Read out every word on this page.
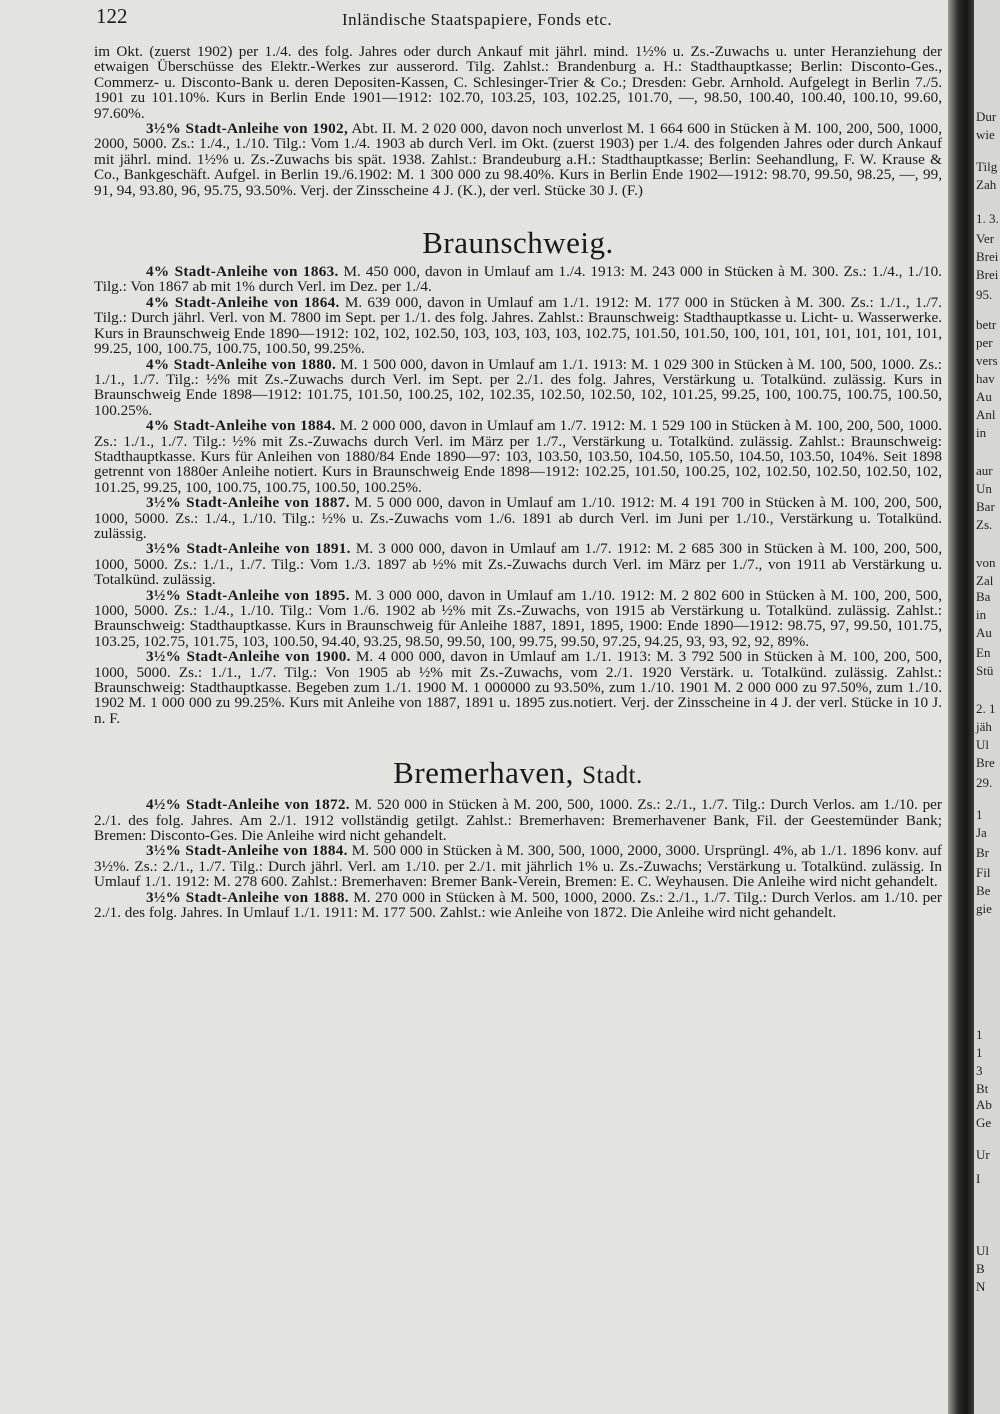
122	Inländische Staatspapiere, Fonds etc.

im Okt. (zuerst 1902) per 1./4. des folg. Jahres oder durch Ankauf mit jährl. mind. 1½% u. Zs.-Zuwachs u. unter Heranziehung der etwaigen Überschüsse des Elektr.-Werkes zur ausserord. Tilg. Zahlst.: Brandenburg a. H.: Stadthauptkasse; Berlin: Disconto-Ges., Commerz- u. Disconto-Bank u. deren Depositen-Kassen, C. Schlesinger-Trier & Co.; Dresden: Gebr. Arnhold. Aufgelegt in Berlin 7./5. 1901 zu 101.10%. Kurs in Berlin Ende 1901—1912: 102.70, 103.25, 103, 102.25, 101.70, —, 98.50, 100.40, 100.40, 100.10, 99.60, 97.60%.

3½% Stadt-Anleihe von 1902, Abt. II. M. 2 020 000, davon noch unverlost M. 1 664 600 in Stücken à M. 100, 200, 500, 1000, 2000, 5000. Zs.: 1./4., 1./10. Tilg.: Vom 1./4. 1903 ab durch Verl. im Okt. (zuerst 1903) per 1./4. des folgenden Jahres oder durch Ankauf mit jährl. mind. 1½% u. Zs.-Zuwachs bis spät. 1938. Zahlst.: Brandeuburg a.H.: Stadthauptkasse; Berlin: Seehandlung, F. W. Krause & Co., Bankgeschäft. Aufgel. in Berlin 19./6.1902: M. 1 300 000 zu 98.40%. Kurs in Berlin Ende 1902—1912: 98.70, 99.50, 98.25, —, 99, 91, 94, 93.80, 96, 95.75, 93.50%. Verj. der Zinsscheine 4 J. (K.), der verl. Stücke 30 J. (F.)

Braunschweig.

4% Stadt-Anleihe von 1863. M. 450 000, davon in Umlauf am 1./4. 1913: M. 243 000 in Stücken à M. 300. Zs.: 1./4., 1./10. Tilg.: Von 1867 ab mit 1% durch Verl. im Dez. per 1./4.

4% Stadt-Anleihe von 1864. M. 639 000, davon in Umlauf am 1./1. 1912: M. 177 000 in Stücken à M. 300. Zs.: 1./1., 1./7. Tilg.: Durch jährl. Verl. von M. 7800 im Sept. per 1./1. des folg. Jahres. Zahlst.: Braunschweig: Stadthauptkasse u. Licht- u. Wasserwerke. Kurs in Braunschweig Ende 1890—1912: 102, 102, 102.50, 103, 103, 103, 103, 102.75, 101.50, 101.50, 100, 101, 101, 101, 101, 101, 101, 99.25, 100, 100.75, 100.75, 100.50, 99.25%.

4% Stadt-Anleihe von 1880. M. 1 500 000, davon in Umlauf am 1./1. 1913: M. 1 029 300 in Stücken à M. 100, 500, 1000. Zs.: 1./1., 1./7. Tilg.: ½% mit Zs.-Zuwachs durch Verl. im Sept. per 2./1. des folg. Jahres, Verstärkung u. Totalkünd. zulässig. Kurs in Braunschweig Ende 1898—1912: 101.75, 101.50, 100.25, 102, 102.35, 102.50, 102.50, 102, 101.25, 99.25, 100, 100.75, 100.75, 100.50, 100.25%.

4% Stadt-Anleihe von 1884. M. 2 000 000, davon in Umlauf am 1./7. 1912: M. 1 529 100 in Stücken à M. 100, 200, 500, 1000. Zs.: 1./1., 1./7. Tilg.: ½% mit Zs.-Zuwachs durch Verl. im März per 1./7., Verstärkung u. Totalkünd. zulässig. Zahlst.: Braunschweig: Stadthauptkasse. Kurs für Anleihen von 1880/84 Ende 1890—97: 103, 103.50, 103.50, 104.50, 105.50, 104.50, 103.50, 104%. Seit 1898 getrennt von 1880er Anleihe notiert. Kurs in Braunschweig Ende 1898—1912: 102.25, 101.50, 100.25, 102, 102.50, 102.50, 102.50, 102, 101.25, 99.25, 100, 100.75, 100.75, 100.50, 100.25%.

3½% Stadt-Anleihe von 1887. M. 5 000 000, davon in Umlauf am 1./10. 1912: M. 4 191 700 in Stücken à M. 100, 200, 500, 1000, 5000. Zs.: 1./4., 1./10. Tilg.: ½% u. Zs.-Zuwachs vom 1./6. 1891 ab durch Verl. im Juni per 1./10., Verstärkung u. Totalkünd. zulässig.

3½% Stadt-Anleihe von 1891. M. 3 000 000, davon in Umlauf am 1./7. 1912: M. 2 685 300 in Stücken à M. 100, 200, 500, 1000, 5000. Zs.: 1./1., 1./7. Tilg.: Vom 1./3. 1897 ab ½% mit Zs.-Zuwachs durch Verl. im März per 1./7., von 1911 ab Verstärkung u. Totalkünd. zulässig.

3½% Stadt-Anleihe von 1895. M. 3 000 000, davon in Umlauf am 1./10. 1912: M. 2 802 600 in Stücken à M. 100, 200, 500, 1000, 5000. Zs.: 1./4., 1./10. Tilg.: Vom 1./6. 1902 ab ½% mit Zs.-Zuwachs, von 1915 ab Verstärkung u. Totalkünd. zulässig. Zahlst.: Braunschweig: Stadthauptkasse. Kurs in Braunschweig für Anleihe 1887, 1891, 1895, 1900: Ende 1890—1912: 98.75, 97, 99.50, 101.75, 103.25, 102.75, 101.75, 103, 100.50, 94.40, 93.25, 98.50, 99.50, 100, 99.75, 99.50, 97.25, 94.25, 93, 93, 92, 92, 89%.

3½% Stadt-Anleihe von 1900. M. 4 000 000, davon in Umlauf am 1./1. 1913: M. 3 792 500 in Stücken à M. 100, 200, 500, 1000, 5000. Zs.: 1./1., 1./7. Tilg.: Von 1905 ab ½% mit Zs.-Zuwachs, vom 2./1. 1920 Verstärk. u. Totalkünd. zulässig. Zahlst.: Braunschweig: Stadthauptkasse. Begeben zum 1./1. 1900 M. 1 000000 zu 93.50%, zum 1./10. 1901 M. 2 000 000 zu 97.50%, zum 1./10. 1902 M. 1 000 000 zu 99.25%. Kurs mit Anleihe von 1887, 1891 u. 1895 zus.notiert. Verj. der Zinsscheine in 4 J. der verl. Stücke in 10 J. n. F.

Bremerhaven, Stadt.

4½% Stadt-Anleihe von 1872. M. 520 000 in Stücken à M. 200, 500, 1000. Zs.: 2./1., 1./7. Tilg.: Durch Verlos. am 1./10. per 2./1. des folg. Jahres. Am 2./1. 1912 vollständig getilgt. Zahlst.: Bremerhaven: Bremerhavener Bank, Fil. der Geestemünder Bank; Bremen: Disconto-Ges. Die Anleihe wird nicht gehandelt.

3½% Stadt-Anleihe von 1884. M. 500 000 in Stücken à M. 300, 500, 1000, 2000, 3000. Ursprüngl. 4%, ab 1./1. 1896 konv. auf 3½%. Zs.: 2./1., 1./7. Tilg.: Durch jährl. Verl. am 1./10. per 2./1. mit jährlich 1% u. Zs.-Zuwachs; Verstärkung u. Totalkünd. zulässig. In Umlauf 1./1. 1912: M. 278 600. Zahlst.: Bremerhaven: Bremer Bank-Verein, Bremen: E. C. Weyhausen. Die Anleihe wird nicht gehandelt.

3½% Stadt-Anleihe von 1888. M. 270 000 in Stücken à M. 500, 1000, 2000. Zs.: 2./1., 1./7. Tilg.: Durch Verlos. am 1./10. per 2./1. des folg. Jahres. In Umlauf 1./1. 1911: M. 177 500. Zahlst.: wie Anleihe von 1872. Die Anleihe wird nicht gehandelt.

Dur
wie
Tilg
Zah
1. 3.
Ver
Brei
Brei
95.
betr
per
vers
hav
Au
Anl
in
aur
Un
Bar
Zs.
von
Zal
Ba
in
Au
En
Stü
2. 1
jäh
Ul
Bre
29.
1
Ja
Br
Fil
Be
gie
1
1
3
Bt
Ab
Ge
Ur
I
Ul
B
N
